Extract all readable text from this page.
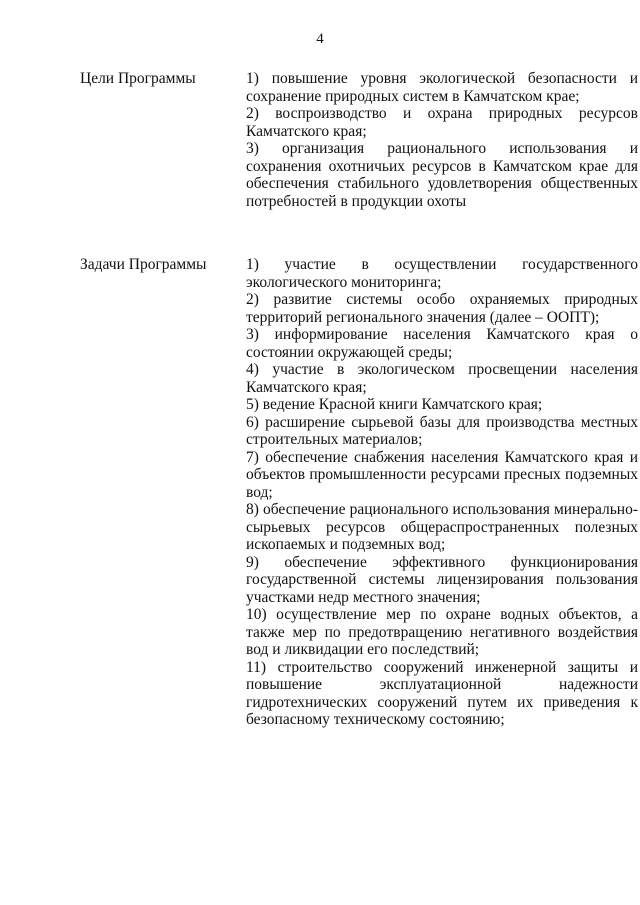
4
Цели Программы	1) повышение уровня экологической безопасности и сохранение природных систем в Камчатском крае;

2) воспроизводство и охрана природных ресурсов Камчатского края;

3) организация рационального использования и сохранения охотничьих ресурсов в Камчатском крае для обеспечения стабильного удовлетворения общественных потребностей в продукции охоты

Задачи Программы	1) участие в осуществлении государственного экологического мониторинга;

2) развитие системы особо охраняемых природных территорий регионального значения (далее – ООПТ);

3) информирование населения Камчатского края о состоянии окружающей среды;

4) участие в экологическом просвещении населения Камчатского края;

5) ведение Красной книги Камчатского края;

6) расширение сырьевой базы для производства местных строительных материалов;

7) обеспечение снабжения населения Камчатского края и объектов промышленности ресурсами пресных подземных вод;

8) обеспечение рационального использования минерально-сырьевых ресурсов общераспространенных полезных ископаемых и подземных вод;

9) обеспечение эффективного функционирования государственной системы лицензирования пользования участками недр местного значения;

10) осуществление мер по охране водных объектов, а также мер по предотвращению негативного воздействия вод и ликвидации его последствий;

11) строительство сооружений инженерной защиты и повышение эксплуатационной надежности гидротехнических сооружений путем их приведения к безопасному техническому состоянию;
